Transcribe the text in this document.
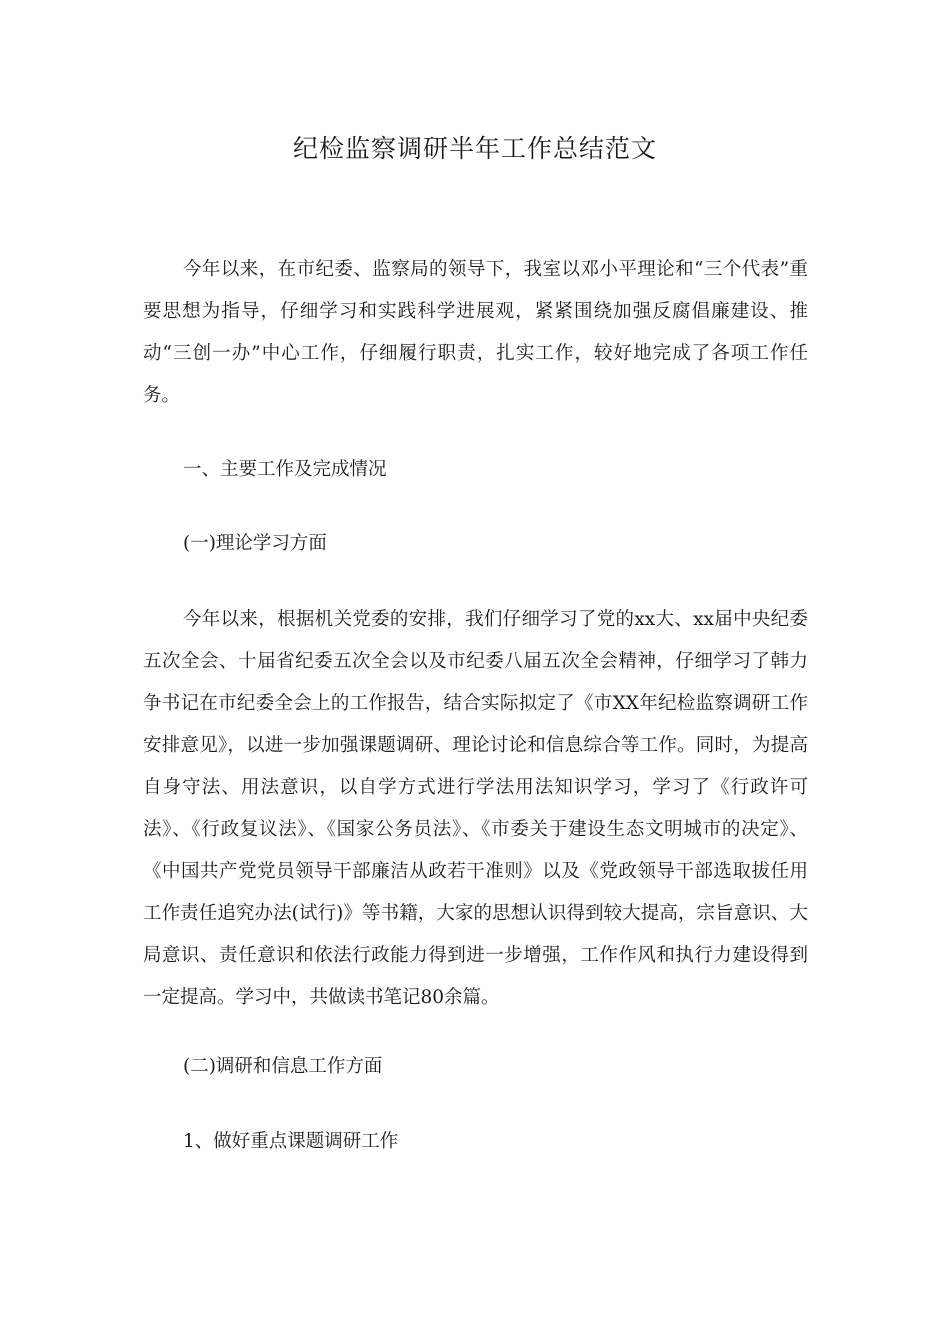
纪检监察调研半年工作总结范文

今年以来，在市纪委、监察局的领导下，我室以邓小平理论和“三个代表”重要思想为指导，仔细学习和实践科学进展观，紧紧围绕加强反腐倡廉建设、推动“三创一办”中心工作，仔细履行职责，扎实工作，较好地完成了各项工作任务。

一、主要工作及完成情况
(一)理论学习方面

今年以来，根据机关党委的安排，我们仔细学习了党的xx大、xx届中央纪委五次全会、十届省纪委五次全会以及市纪委八届五次全会精神，仔细学习了韩力争书记在市纪委全会上的工作报告，结合实际拟定了《市XX年纪检监察调研工作安排意见》，以进一步加强课题调研、理论讨论和信息综合等工作。同时，为提高自身守法、用法意识，以自学方式进行学法用法知识学习，学习了《行政许可法》、《行政复议法》、《国家公务员法》、《市委关于建设生态文明城市的决定》、《中国共产党党员领导干部廉洁从政若干准则》以及《党政领导干部选取拔任用工作责任追究办法(试行)》等书籍，大家的思想认识得到较大提高，宗旨意识、大局意识、责任意识和依法行政能力得到进一步增强，工作作风和执行力建设得到一定提高。学习中，共做读书笔记80余篇。

(二)调研和信息工作方面
1、做好重点课题调研工作
